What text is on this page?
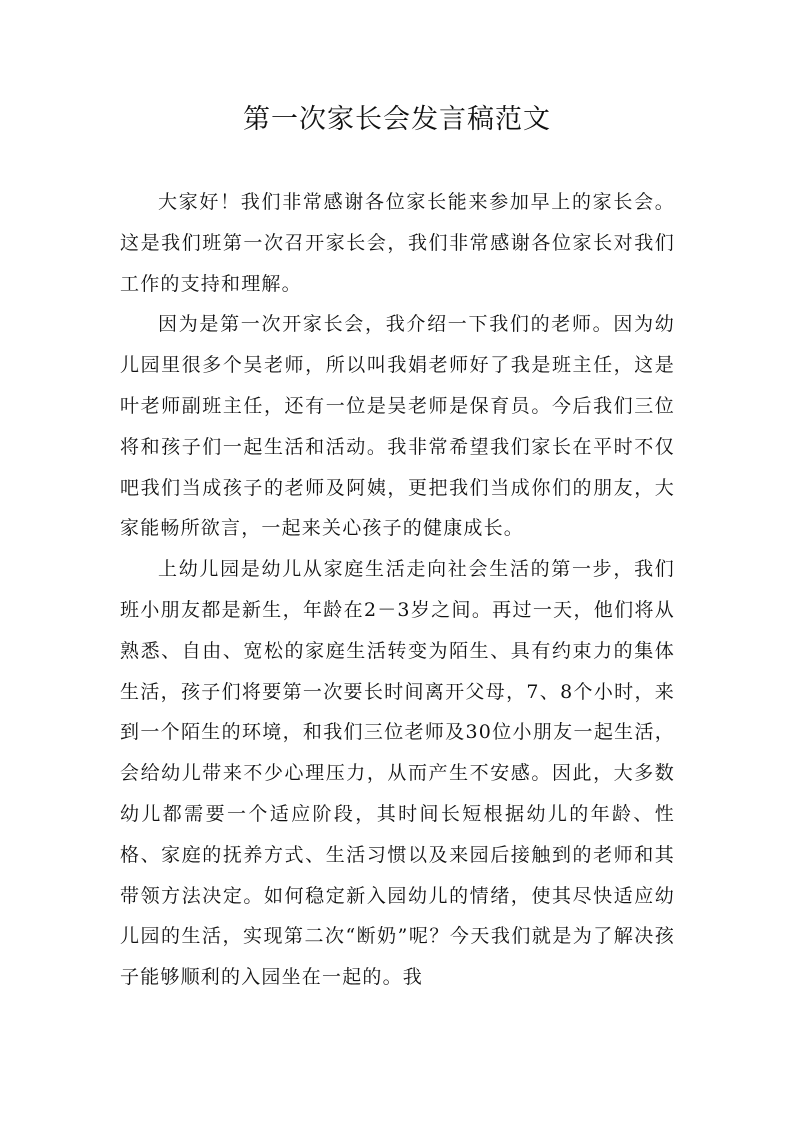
第一次家长会发言稿范文

大家好！我们非常感谢各位家长能来参加早上的家长会。这是我们班第一次召开家长会，我们非常感谢各位家长对我们工作的支持和理解。

因为是第一次开家长会，我介绍一下我们的老师。因为幼儿园里很多个吴老师，所以叫我娟老师好了我是班主任，这是叶老师副班主任，还有一位是吴老师是保育员。今后我们三位将和孩子们一起生活和活动。我非常希望我们家长在平时不仅吧我们当成孩子的老师及阿姨，更把我们当成你们的朋友，大家能畅所欲言，一起来关心孩子的健康成长。

上幼儿园是幼儿从家庭生活走向社会生活的第一步，我们班小朋友都是新生，年龄在2－3岁之间。再过一天，他们将从熟悉、自由、宽松的家庭生活转变为陌生、具有约束力的集体生活，孩子们将要第一次要长时间离开父母，7、8个小时，来到一个陌生的环境，和我们三位老师及30位小朋友一起生活，会给幼儿带来不少心理压力，从而产生不安感。因此，大多数幼儿都需要一个适应阶段，其时间长短根据幼儿的年龄、性格、家庭的抚养方式、生活习惯以及来园后接触到的老师和其带领方法决定。如何稳定新入园幼儿的情绪，使其尽快适应幼儿园的生活，实现第二次“断奶”呢？今天我们就是为了解决孩子能够顺利的入园坐在一起的。我
